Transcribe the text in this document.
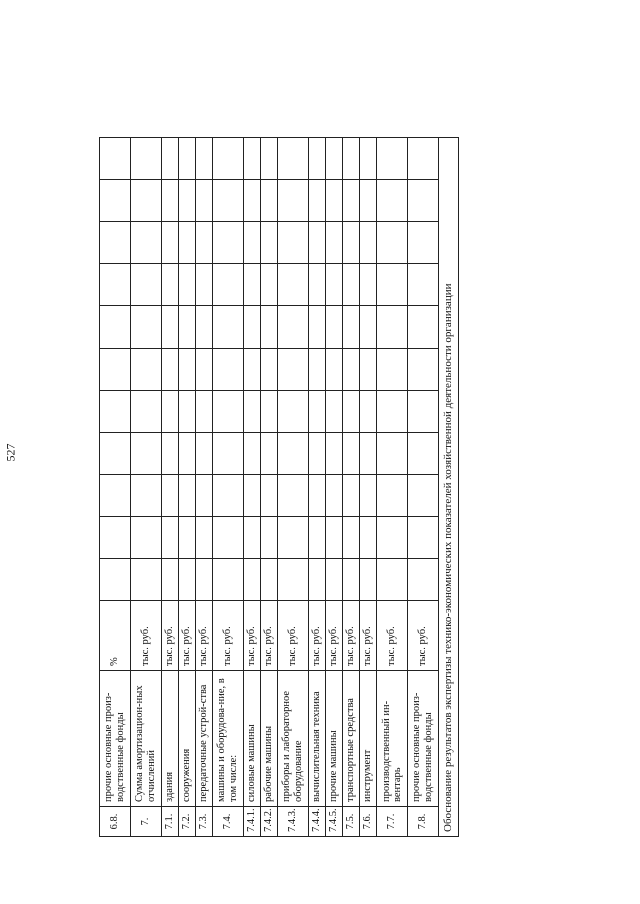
527
6.8.	прочие основные произ-водственные фонды	%											
7.	Сумма амортизацион-ных отчислений	тыс. руб.											
7.1.	здания	тыс. руб.											
7.2.	сооружения	тыс. руб.											
7.3.	передаточные устрой-ства	тыс. руб.											
7.4.	машины и оборудова-ние, в том числе:	тыс. руб.											
7.4.1.	силовые машины	тыс. руб.											
7.4.2.	рабочие машины	тыс. руб.											
7.4.3.	приборы и лабораторное оборудование	тыс. руб.											
7.4.4.	вычислительная техника	тыс. руб.											
7.4.5.	прочие машины	тыс. руб.											
7.5.	транспортные средства	тыс. руб.											
7.6.	инструмент	тыс. руб.											
7.7.	производственный ин-вентарь	тыс. руб.											
7.8.	прочие основные произ-водственные фонды	тыс. руб.											
Обоснование результатов экспертизы технико-экономических показателей хозяйственной деятельности организации													
